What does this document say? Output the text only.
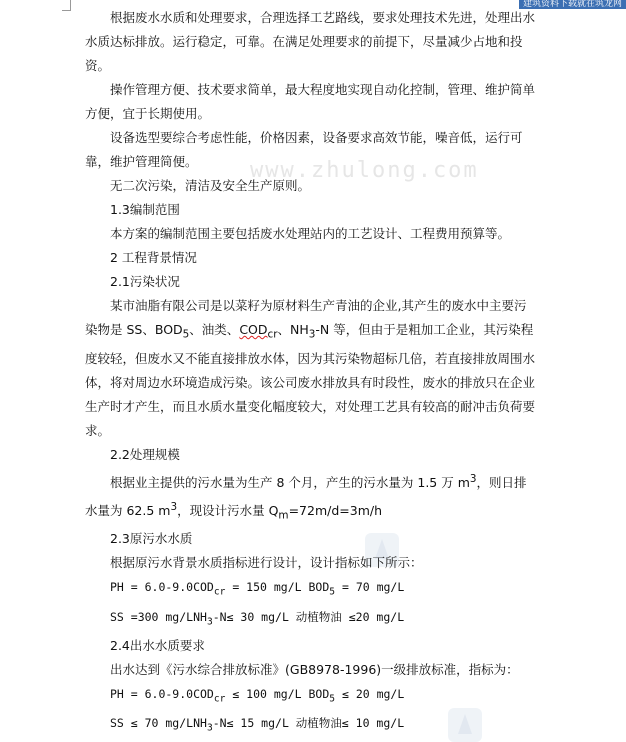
建筑资料下载就在筑龙网
www.zhulong.com

根据废水水质和处理要求，合理选择工艺路线，要求处理技术先进，处理出水水质达标排放。运行稳定，可靠。在满足处理要求的前提下，尽量减少占地和投资。

操作管理方便、技术要求简单，最大程度地实现自动化控制，管理、维护简单方便，宜于长期使用。

设备选型要综合考虑性能，价格因素，设备要求高效节能，噪音低，运行可靠，维护管理简便。

无二次污染，清洁及安全生产原则。

1.3编制范围

本方案的编制范围主要包括废水处理站内的工艺设计、工程费用预算等。

2 工程背景情况

2.1污染状况

某市油脂有限公司是以菜籽为原材料生产青油的企业,其产生的废水中主要污染物是 SS、$BOD_5$、油类、$COD_{cr}$、$NH_3-N$ 等，但由于是粗加工企业，其污染程度较轻，但废水又不能直接排放水体，因为其污染物超标几倍，若直接排放周围水体，将对周边水环境造成污染。该公司废水排放具有时段性，废水的排放只在企业生产时才产生，而且水质水量变化幅度较大，对处理工艺具有较高的耐冲击负荷要求。

2.2处理规模

根据业主提供的污水量为生产 8 个月，产生的污水量为 1.5 万 $m^3$，则日排水量为 62.5 $m^3$，现设计污水量 $Q_m=72m/d=3m/h$

2.3原污水水质

根据原污水背景水质指标进行设计，设计指标如下所示：

PH = $6.0-9.0COD_{cr} = 150$ mg/L $BOD_5 = 70$ mg/L

SS =300 $mg/LNH_3-N\le 30$ mg/L 动植物油 ≤20 mg/L

2.4出水水质要求

出水达到《污水综合排放标准》(GB8978-1996)一级排放标准，指标为：

PH = $6.0-9.0COD_{cr} \le 100$ mg/L $BOD_5 \le 20$ mg/L

SS ≤ 70 $mg/LNH_3-N\le 15$ mg/L 动植物油≤ 10 mg/L
